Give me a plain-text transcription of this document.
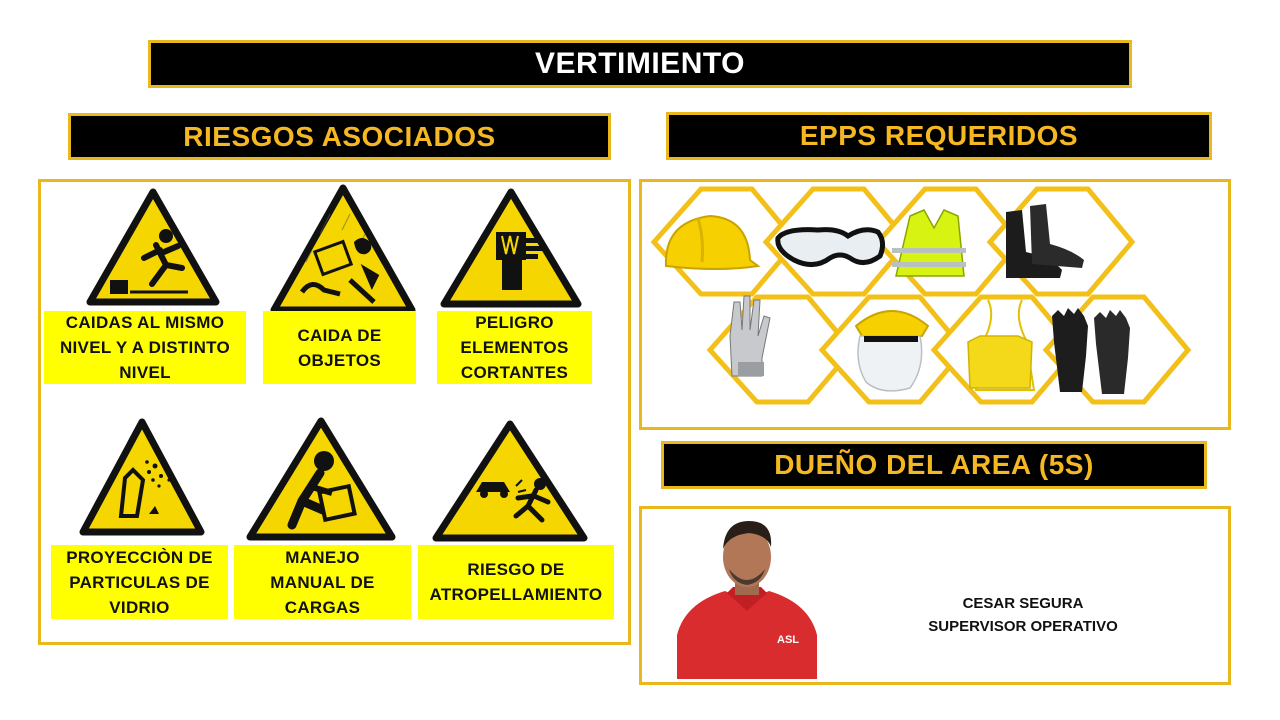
VERTIMIENTO
RIESGOS ASOCIADOS	EPPS REQUERIDOS
DUEÑO DEL AREA (5S)
CAIDAS AL MISMO
NIVEL Y A DISTINTO
NIVEL
CAIDA DE
OBJETOS
PELIGRO
ELEMENTOS
CORTANTES
PROYECCIÒN DE
PARTICULAS DE
VIDRIO
MANEJO
MANUAL DE
CARGAS
RIESGO DE
ATROPELLAMIENTO
ASL
CESAR SEGURA
SUPERVISOR OPERATIVO
